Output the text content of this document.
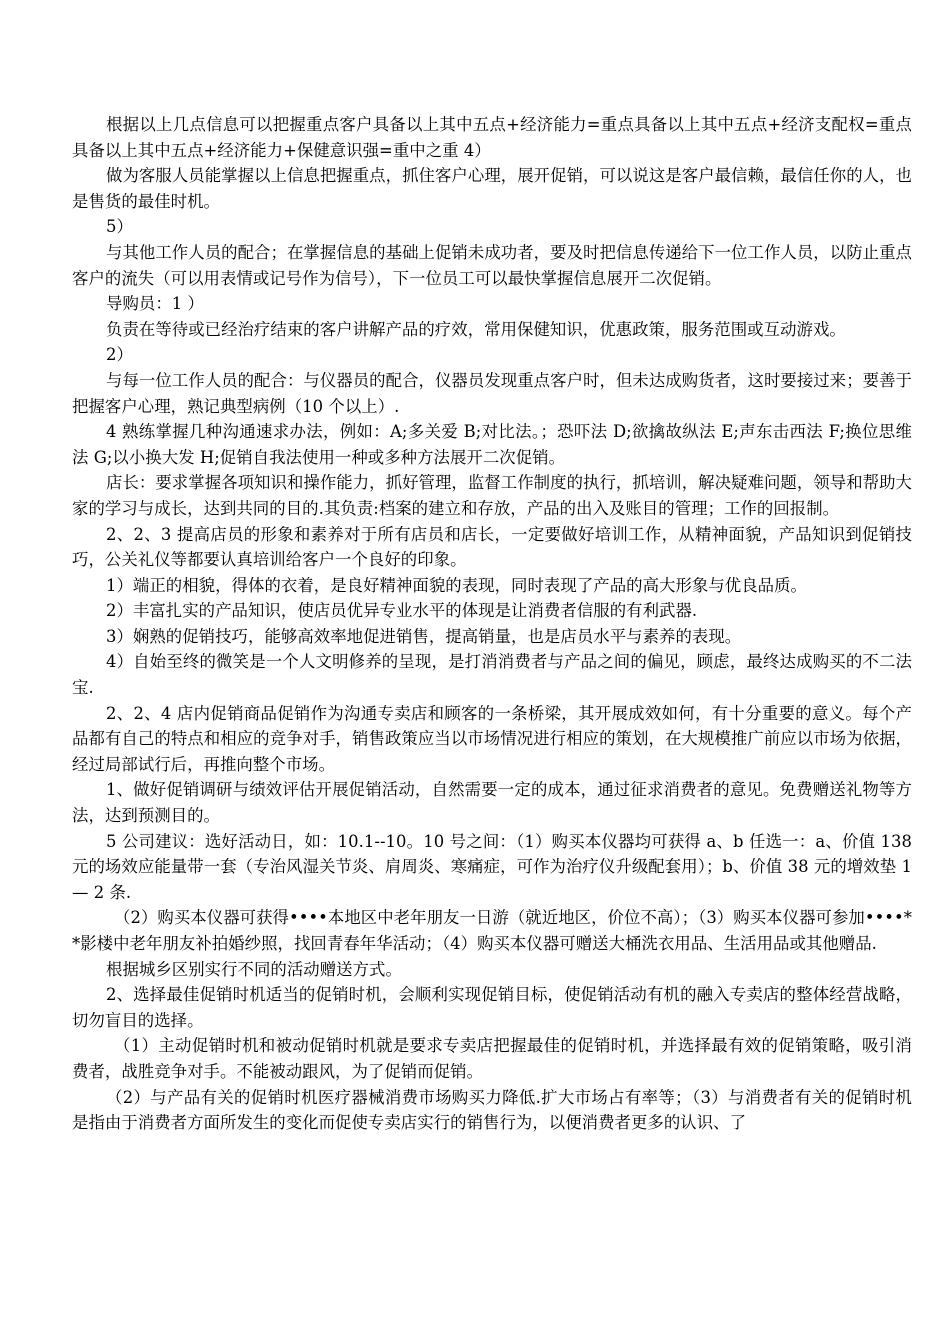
根据以上几点信息可以把握重点客户具备以上其中五点+经济能力=重点具备以上其中五点+经济支配权=重点具备以上其中五点+经济能力+保健意识强=重中之重 4）

做为客服人员能掌握以上信息把握重点，抓住客户心理，展开促销，可以说这是客户最信赖，最信任你的人，也是售货的最佳时机。

5）

与其他工作人员的配合；在掌握信息的基础上促销未成功者，要及时把信息传递给下一位工作人员，以防止重点客户的流失（可以用表情或记号作为信号），下一位员工可以最快掌握信息展开二次促销。

导购员：1 ）

负责在等待或已经治疗结束的客户讲解产品的疗效，常用保健知识，优惠政策，服务范围或互动游戏。

2）

与每一位工作人员的配合：与仪器员的配合，仪器员发现重点客户时，但未达成购货者，这时要接过来；要善于把握客户心理，熟记典型病例（10 个以上）.

4 熟练掌握几种沟通速求办法，例如：A;多关爱 B;对比法。；恐吓法 D;欲擒故纵法 E;声东击西法 F;换位思维法 G;以小换大发 H;促销自我法使用一种或多种方法展开二次促销。

店长：要求掌握各项知识和操作能力，抓好管理，监督工作制度的执行，抓培训，解决疑难问题，领导和帮助大家的学习与成长，达到共同的目的.其负责:档案的建立和存放，产品的出入及账目的管理；工作的回报制。

2、2、3 提高店员的形象和素养对于所有店员和店长，一定要做好培训工作，从精神面貌，产品知识到促销技巧，公关礼仪等都要认真培训给客户一个良好的印象。

1）端正的相貌，得体的衣着，是良好精神面貌的表现，同时表现了产品的高大形象与优良品质。

2）丰富扎实的产品知识，使店员优异专业水平的体现是让消费者信服的有利武器.

3）娴熟的促销技巧，能够高效率地促进销售，提高销量，也是店员水平与素养的表现。

4）自始至终的微笑是一个人文明修养的呈现，是打消消费者与产品之间的偏见，顾虑，最终达成购买的不二法宝.

2、2、4 店内促销商品促销作为沟通专卖店和顾客的一条桥梁，其开展成效如何，有十分重要的意义。每个产品都有自己的特点和相应的竞争对手，销售政策应当以市场情况进行相应的策划，在大规模推广前应以市场为依据，经过局部试行后，再推向整个市场。

1、做好促销调研与绩效评估开展促销活动，自然需要一定的成本，通过征求消费者的意见。免费赠送礼物等方法，达到预测目的。

5 公司建议：选好活动日，如：10.1--10。10 号之间：（1）购买本仪器均可获得 a、b 任选一：a、价值 138 元的场效应能量带一套（专治风湿关节炎、肩周炎、寒痛症，可作为治疗仪升级配套用）；b、价值 38 元的增效垫 1 — 2 条.

（2）购买本仪器可获得••••本地区中老年朋友一日游（就近地区，价位不高）；（3）购买本仪器可参加••••**影楼中老年朋友补拍婚纱照，找回青春年华活动；（4）购买本仪器可赠送大桶洗衣用品、生活用品或其他赠品.

根据城乡区别实行不同的活动赠送方式。

2、选择最佳促销时机适当的促销时机，会顺利实现促销目标，使促销活动有机的融入专卖店的整体经营战略，切勿盲目的选择。

（1）主动促销时机和被动促销时机就是要求专卖店把握最佳的促销时机，并选择最有效的促销策略，吸引消费者，战胜竞争对手。不能被动跟风，为了促销而促销。

（2）与产品有关的促销时机医疗器械消费市场购买力降低.扩大市场占有率等；（3）与消费者有关的促销时机是指由于消费者方面所发生的变化而促使专卖店实行的销售行为，以便消费者更多的认识、了
